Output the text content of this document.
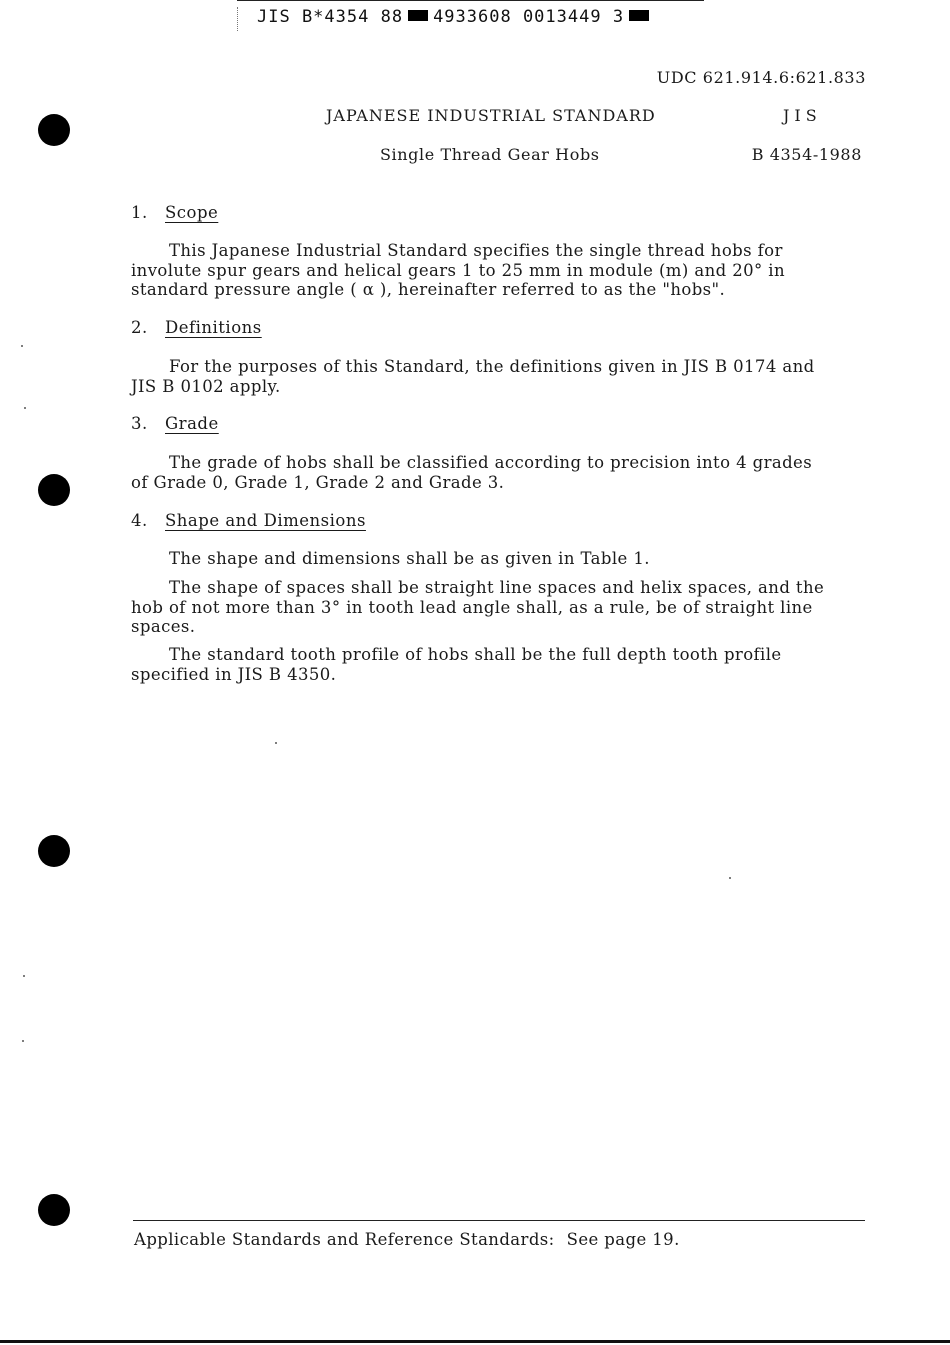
JIS B*4354 88 4933608 0013449 3
UDC 621.914.6:621.833
JAPANESE INDUSTRIAL STANDARD	JIS
Single Thread Gear Hobs	B 4354-1988
1. Scope

This Japanese Industrial Standard specifies the single thread hobs for involute spur gears and helical gears 1 to 25 mm in module (m) and 20° in standard pressure angle ( α ), hereinafter referred to as the "hobs".

2. Definitions

For the purposes of this Standard, the definitions given in JIS B 0174 and JIS B 0102 apply.

3. Grade

The grade of hobs shall be classified according to precision into 4 grades of Grade 0, Grade 1, Grade 2 and Grade 3.

4. Shape and Dimensions

The shape and dimensions shall be as given in Table 1.

The shape of spaces shall be straight line spaces and helix spaces, and the hob of not more than 3° in tooth lead angle shall, as a rule, be of straight line spaces.

The standard tooth profile of hobs shall be the full depth tooth profile specified in JIS B 4350.

Applicable Standards and Reference Standards: See page 19.
